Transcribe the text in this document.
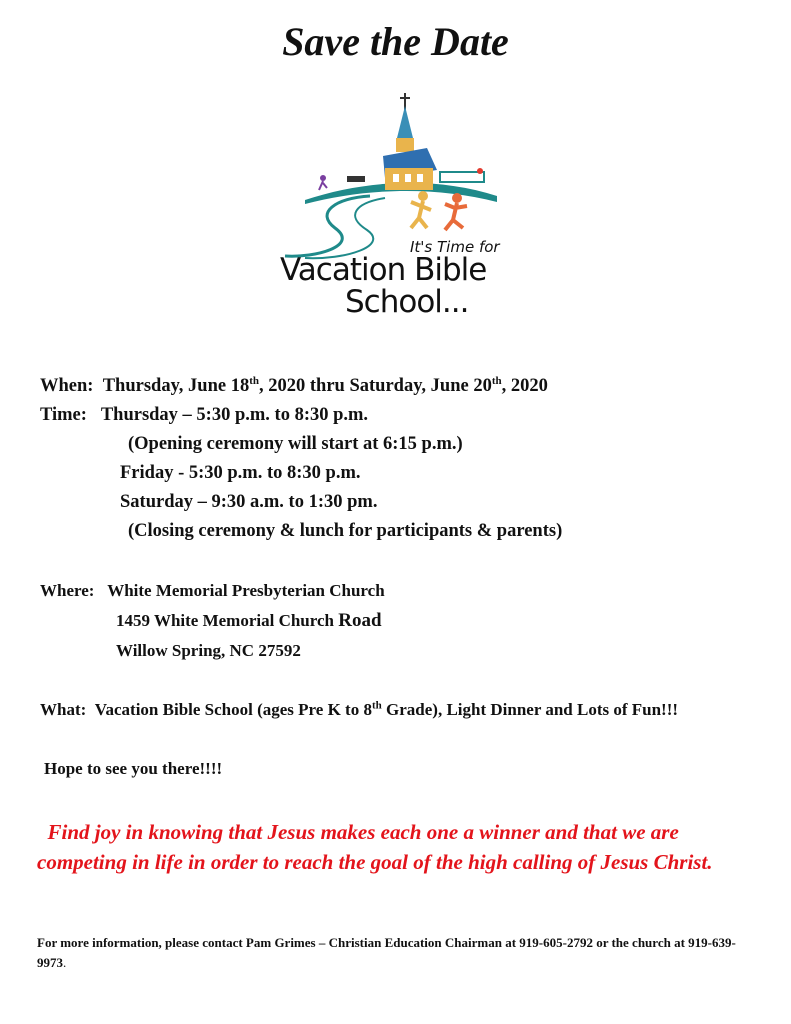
Save the Date
It's Time for
Vacation Bible
School...
When: Thursday, June 18th, 2020 thru Saturday, June 20th, 2020
Time: Thursday – 5:30 p.m. to 8:30 p.m.
(Opening ceremony will start at 6:15 p.m.)
Friday - 5:30 p.m. to 8:30 p.m.
Saturday – 9:30 a.m. to 1:30 pm.
(Closing ceremony & lunch for participants & parents)
Where: White Memorial Presbyterian Church
1459 White Memorial Church Road
Willow Spring, NC 27592
What: Vacation Bible School (ages Pre K to 8th Grade), Light Dinner and Lots of Fun!!!
Hope to see you there!!!!

Find joy in knowing that Jesus makes each one a winner and that we are competing in life in order to reach the goal of the high calling of Jesus Christ.

For more information, please contact Pam Grimes – Christian Education Chairman at 919-605-2792 or the church at 919-639-9973.
